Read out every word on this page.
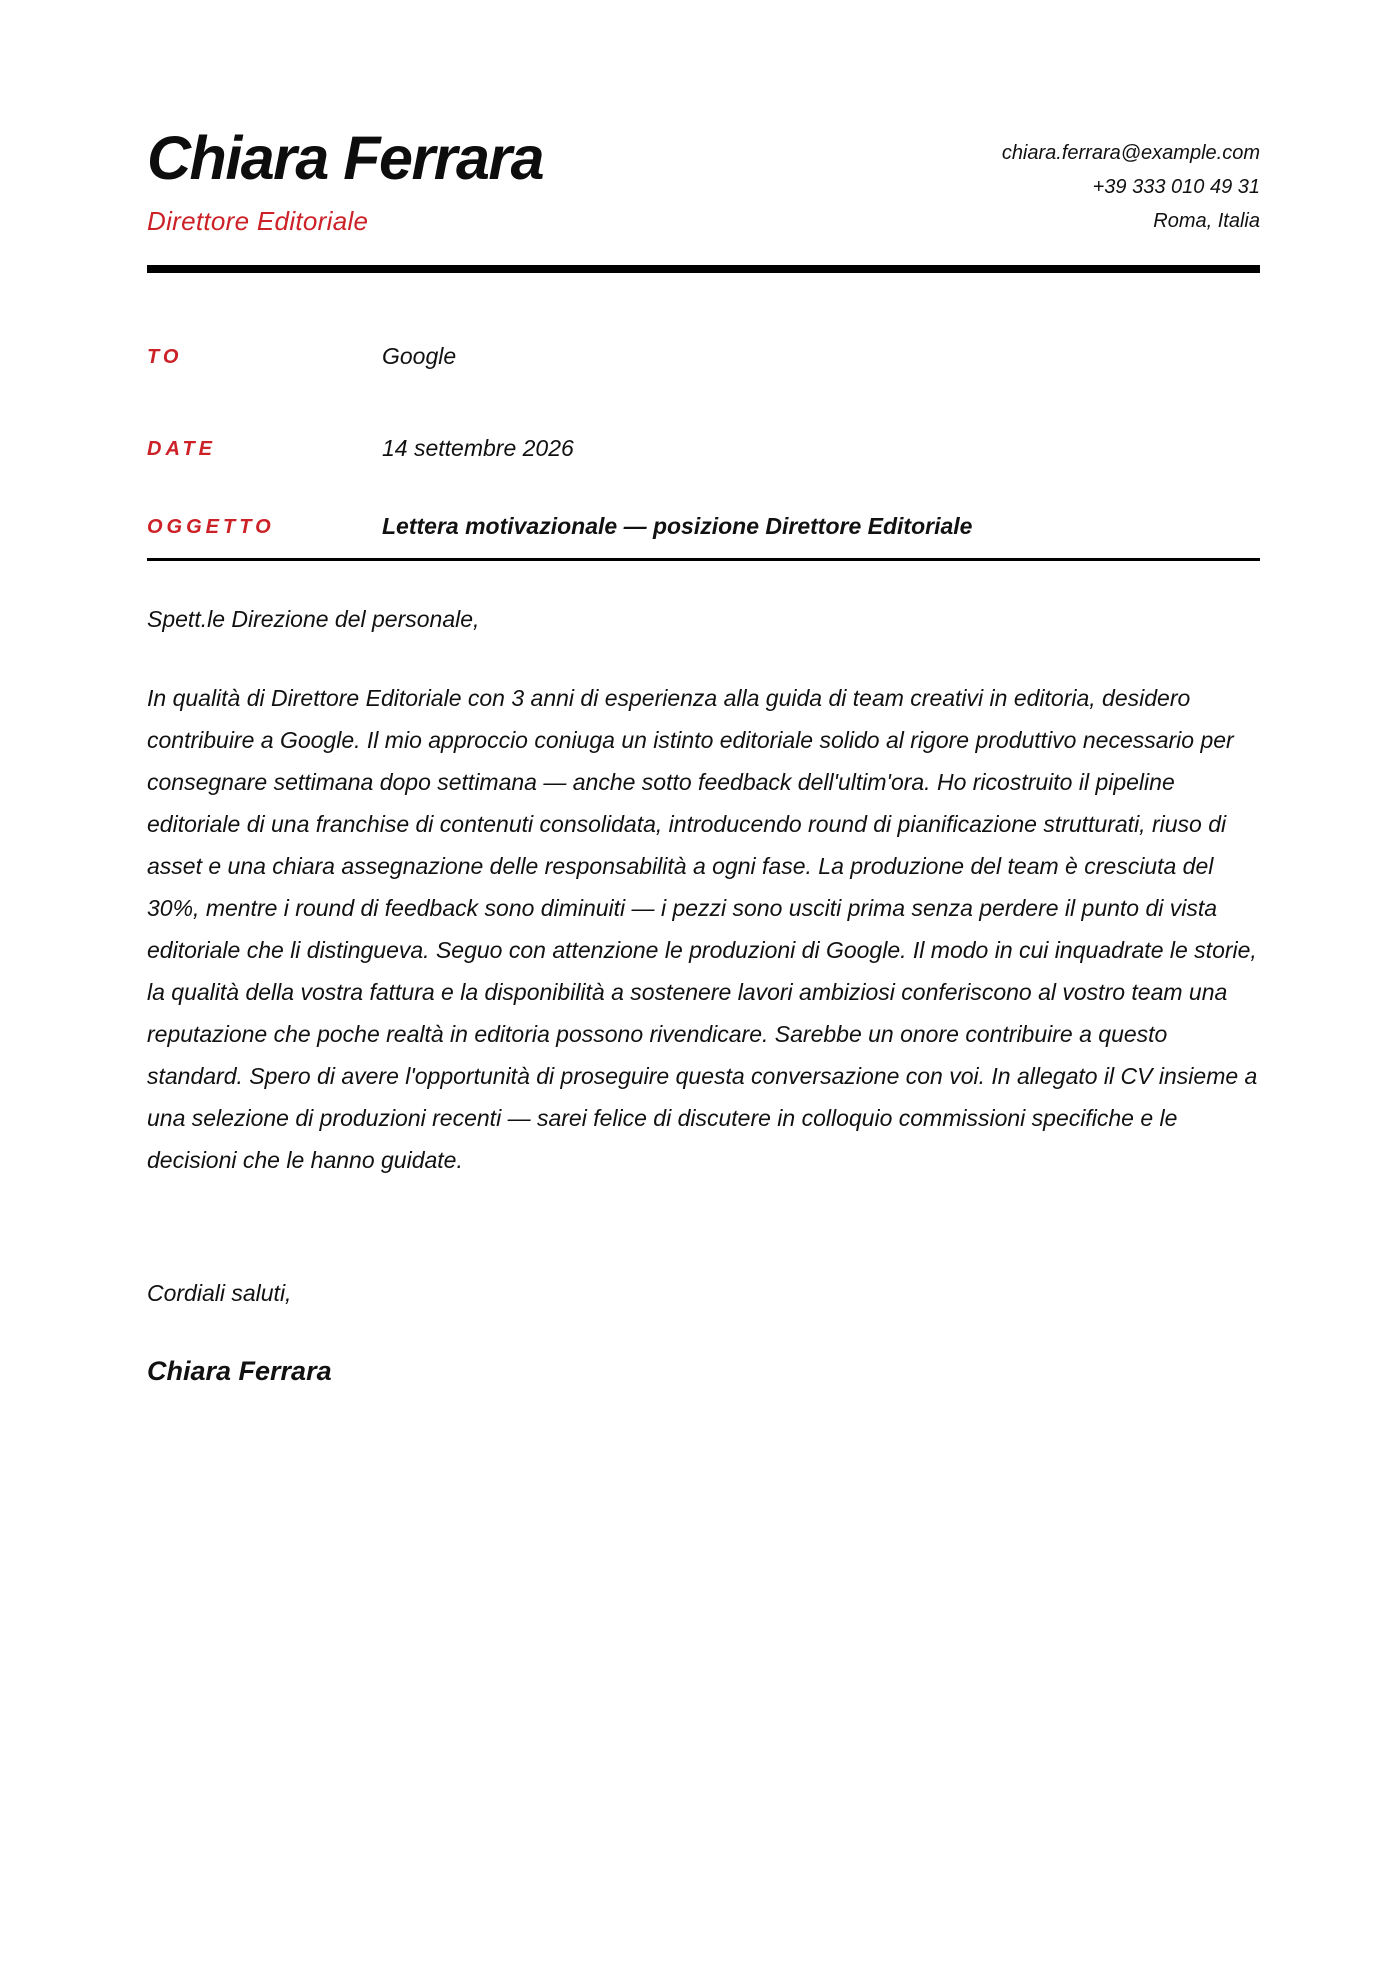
Chiara Ferrara
Direttore Editoriale
chiara.ferrara@example.com
+39 333 010 49 31
Roma, Italia
TO	Google
DATE	14 settembre 2026
OGGETTO	Lettera motivazionale — posizione Direttore Editoriale
Spett.le Direzione del personale,
In qualità di Direttore Editoriale con 3 anni di esperienza alla guida di team creativi in editoria, desidero contribuire a Google. Il mio approccio coniuga un istinto editoriale solido al rigore produttivo necessario per consegnare settimana dopo settimana — anche sotto feedback dell'ultim'ora. Ho ricostruito il pipeline editoriale di una franchise di contenuti consolidata, introducendo round di pianificazione strutturati, riuso di asset e una chiara assegnazione delle responsabilità a ogni fase. La produzione del team è cresciuta del 30%, mentre i round di feedback sono diminuiti — i pezzi sono usciti prima senza perdere il punto di vista editoriale che li distingueva. Seguo con attenzione le produzioni di Google. Il modo in cui inquadrate le storie, la qualità della vostra fattura e la disponibilità a sostenere lavori ambiziosi conferiscono al vostro team una reputazione che poche realtà in editoria possono rivendicare. Sarebbe un onore contribuire a questo standard. Spero di avere l'opportunità di proseguire questa conversazione con voi. In allegato il CV insieme a una selezione di produzioni recenti — sarei felice di discutere in colloquio commissioni specifiche e le decisioni che le hanno guidate.
Cordiali saluti,
Chiara Ferrara
